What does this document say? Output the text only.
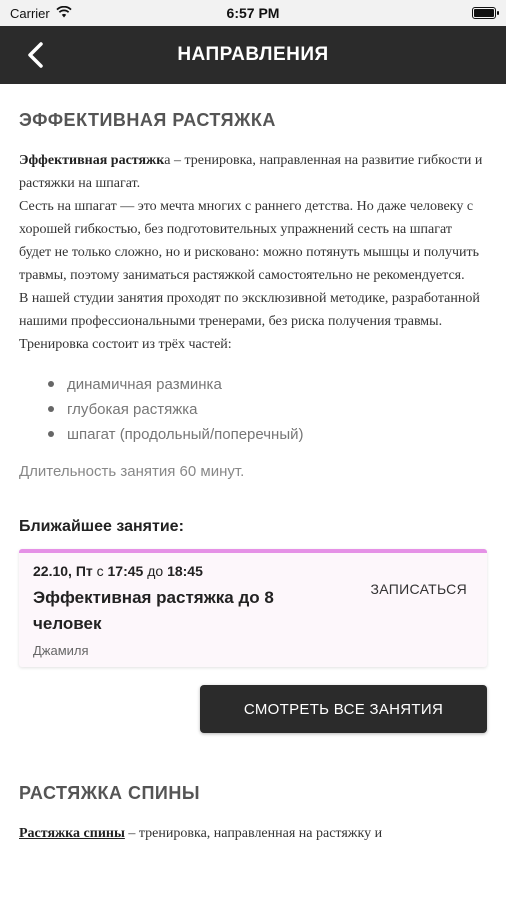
Carrier	6:57 PM
НАПРАВЛЕНИЯ
ЭФФЕКТИВНАЯ РАСТЯЖКА

Эффективная растяжка – тренировка, направленная на развитие гибкости и растяжки на шпагат.

Сесть на шпагат — это мечта многих с раннего детства. Но даже человеку с хорошей гибкостью, без подготовительных упражнений сесть на шпагат будет не только сложно, но и рисковано: можно потянуть мышцы и получить травмы, поэтому заниматься растяжкой самостоятельно не рекомендуется.

В нашей студии занятия проходят по эксклюзивной методике, разработанной нашими профессиональными тренерами, без риска получения травмы.

Тренировка состоит из трёх частей:

динамичная разминка
глубокая растяжка
шпагат (продольный/поперечный)
Длительность занятия 60 минут.
Ближайшее занятие:
22.10, Пт с 17:45 до 18:45
Эффективная растяжка до 8 человек
Джамиля
ЗАПИСАТЬСЯ
СМОТРЕТЬ ВСЕ ЗАНЯТИЯ
РАСТЯЖКА СПИНЫ

Растяжка спины – тренировка, направленная на растяжку и
